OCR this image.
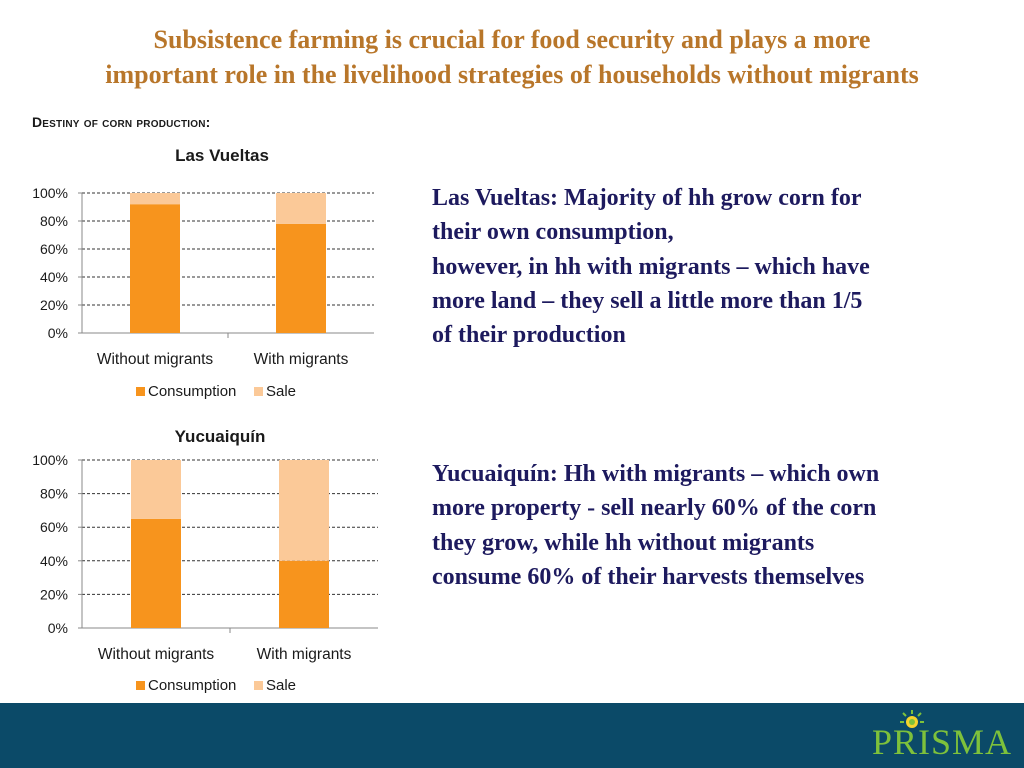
Subsistence farming is crucial for food security and plays a more
important role in the livelihood strategies of households without migrants
Destiny of corn production:
Las Vueltas
0%
20%
40%
60%
80%
100%
Without migrants	With migrants
Consumption Sale
Yucuaiquín
0%
20%
40%
60%
80%
100%
Without migrants	With migrants
Consumption Sale
Las Vueltas: Majority of hh grow corn for
their own consumption,
however, in hh with migrants – which have
more land – they sell a little more than 1/5
of their production
Yucuaiquín: Hh with migrants – which own
more property - sell nearly 60% of the corn
they grow, while hh without migrants
consume 60% of their harvests themselves
PRISMA
